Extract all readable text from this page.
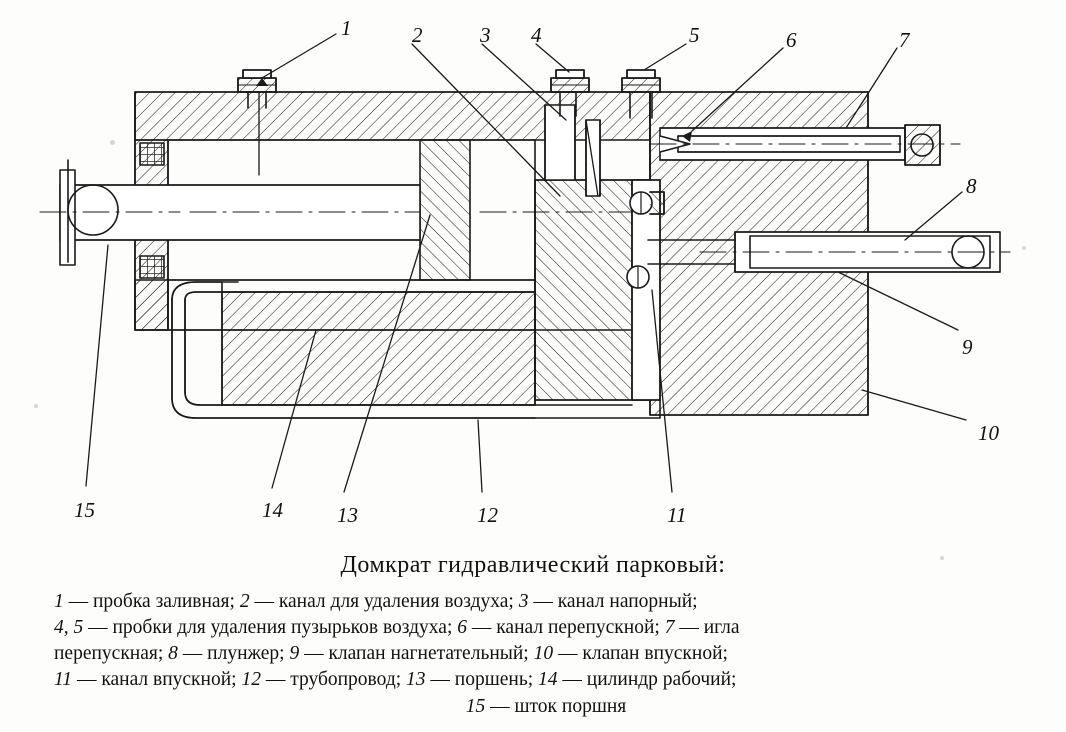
1	2	3 4	5	6	7
8
9
10
11
12
13
14
15
Домкрат гидравлический парковый:
1 — пробка заливная; 2 — канал для удаления воздуха; 3 — канал напорный;
4, 5 — пробки для удаления пузырьков воздуха; 6 — канал перепускной; 7 — игла
перепускная; 8 — плунжер; 9 — клапан нагнетательный; 10 — клапан впускной;
11 — канал впускной; 12 — трубопровод; 13 — поршень; 14 — цилиндр рабочий;
15 — шток поршня
